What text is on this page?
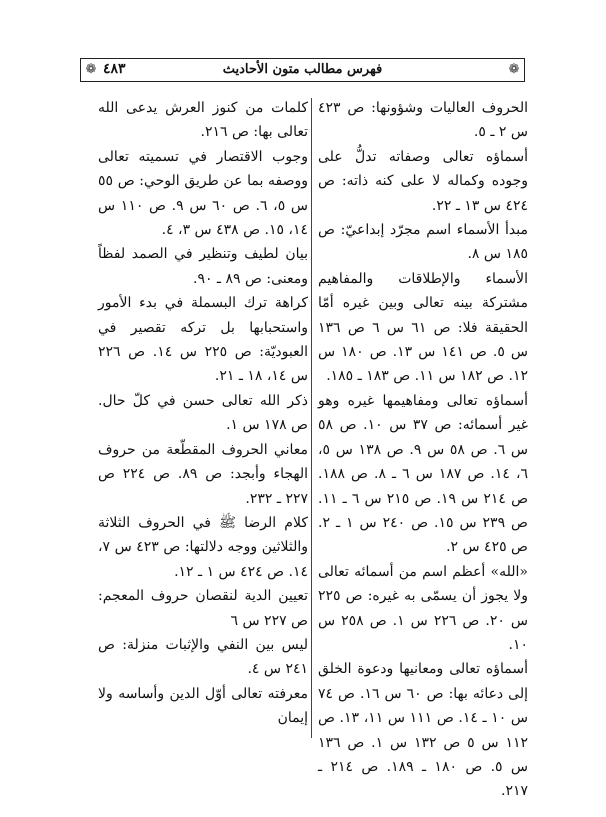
❁ ٤٨٣	فهرس مطالب متون الأحاديث	❁

الحروف العاليات وشؤونها: ص ٤٢٣ س ٢ ـ ٥.

أسماؤه تعالى وصفاته تدلُّ على وجوده وكماله لا على كنه ذاته: ص ٤٢٤ س ١٣ ـ ٢٢.

مبدأ الأسماء اسم مجرّد إبداعيّ: ص ١٨٥ س ٨.

الأسماء والإطلاقات والمفاهيم مشتركة بينه تعالى وبين غيره أمّا الحقيقة فلا: ص ٦١ س ٦ ص ١٣٦ س ٥. ص ١٤١ س ١٣. ص ١٨٠ س ١٢. ص ١٨٢ س ١١. ص ١٨٣ ـ ١٨٥.

أسماؤه تعالى ومفاهيمها غيره وهو غير أسمائه: ص ٣٧ س ١٠. ص ٥٨ س ٦. ص ٥٨ س ٩. ص ١٣٨ س ٥، ٦، ١٤. ص ١٨٧ س ٦ ـ ٨. ص ١٨٨. ص ٢١٤ س ١٩. ص ٢١٥ س ٦ ـ ١١. ص ٢٣٩ س ١٥. ص ٢٤٠ س ١ ـ ٢. ص ٤٢٥ س ٢.

«الله» أعظم اسم من أسمائه تعالى ولا يجوز أن يسمّى به غيره: ص ٢٢٥ س ٢٠. ص ٢٢٦ س ١. ص ٢٥٨ س ١٠.

أسماؤه تعالى ومعانيها ودعوة الخلق إلى دعائه بها: ص ٦٠ س ١٦. ص ٧٤ س ١٠ ـ ١٤. ص ١١١ س ١١، ١٣. ص ١١٢ س ٥ ص ١٣٢ س ١. ص ١٣٦ س ٥. ص ١٨٠ ـ ١٨٩. ص ٢١٤ ـ ٢١٧.

كلمات من كنوز العرش يدعى الله تعالى بها: ص ٢١٦.

وجوب الاقتصار في تسميته تعالى ووصفه بما عن طريق الوحي: ص ٥٥ س ٥، ٦. ص ٦٠ س ٩. ص ١١٠ س ١٤، ١٥. ص ٤٣٨ س ٣، ٤.

بيان لطيف وتنظير في الصمد لفظاً ومعنى: ص ٨٩ ـ ٩٠.

كراهة ترك البسملة في بدء الأمور واستحبابها بل تركه تقصير في العبوديّة: ص ٢٢٥ س ١٤. ص ٢٢٦ س ١٤، ١٨ ـ ٢١.

ذكر الله تعالى حسن في كلّ حال. ص ١٧٨ س ١.

معاني الحروف المقطّعة من حروف الهجاء وأبجد: ص ٨٩. ص ٢٢٤ ص ٢٢٧ ـ ٢٣٢.

كلام الرضا ﷺ في الحروف الثلاثة والثلاثين ووجه دلالتها: ص ٤٢٣ س ٧، ١٤. ص ٤٢٤ س ١ ـ ١٢.

تعيين الدية لنقصان حروف المعجم: ص ٢٢٧ س ٦

ليس بين النفي والإثبات منزلة: ص ٢٤١ س ٤.

معرفته تعالى أوّل الدين وأساسه ولا إيمان
